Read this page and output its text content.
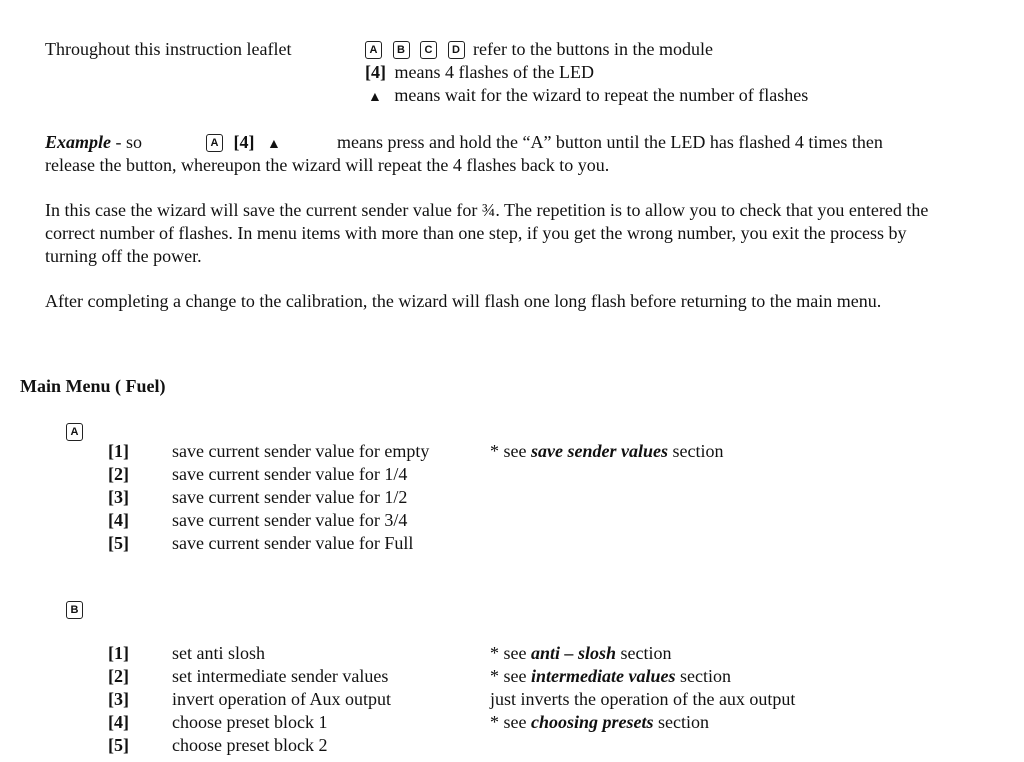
Throughout this instruction leaflet	A B C D refer to the buttons in the module
[4] means 4 flashes of the LED
▲ means wait for the wizard to repeat the number of flashes
Example - so	A [4] ▲	means press and hold the “A” button until the LED has flashed 4 times then
release the button, whereupon the wizard will repeat the 4 flashes back to you.
In this case the wizard will save the current sender value for ¾. The repetition is to allow you to check that you entered the correct number of flashes. In menu items with more than one step, if you get the wrong number, you exit the process by turning off the power.
After completing a change to the calibration, the wizard will flash one long flash before returning to the main menu.
Main Menu ( Fuel)
A
[1] save current sender value for empty	* see save sender values section
[2] save current sender value for 1/4
[3] save current sender value for 1/2
[4] save current sender value for 3/4
[5] save current sender value for Full
B
[1] set anti slosh	* see anti – slosh section
[2] set intermediate sender values	* see intermediate values section
[3] invert operation of Aux output	just inverts the operation of the aux output
[4] choose preset block 1	* see choosing presets section
[5] choose preset block 2
